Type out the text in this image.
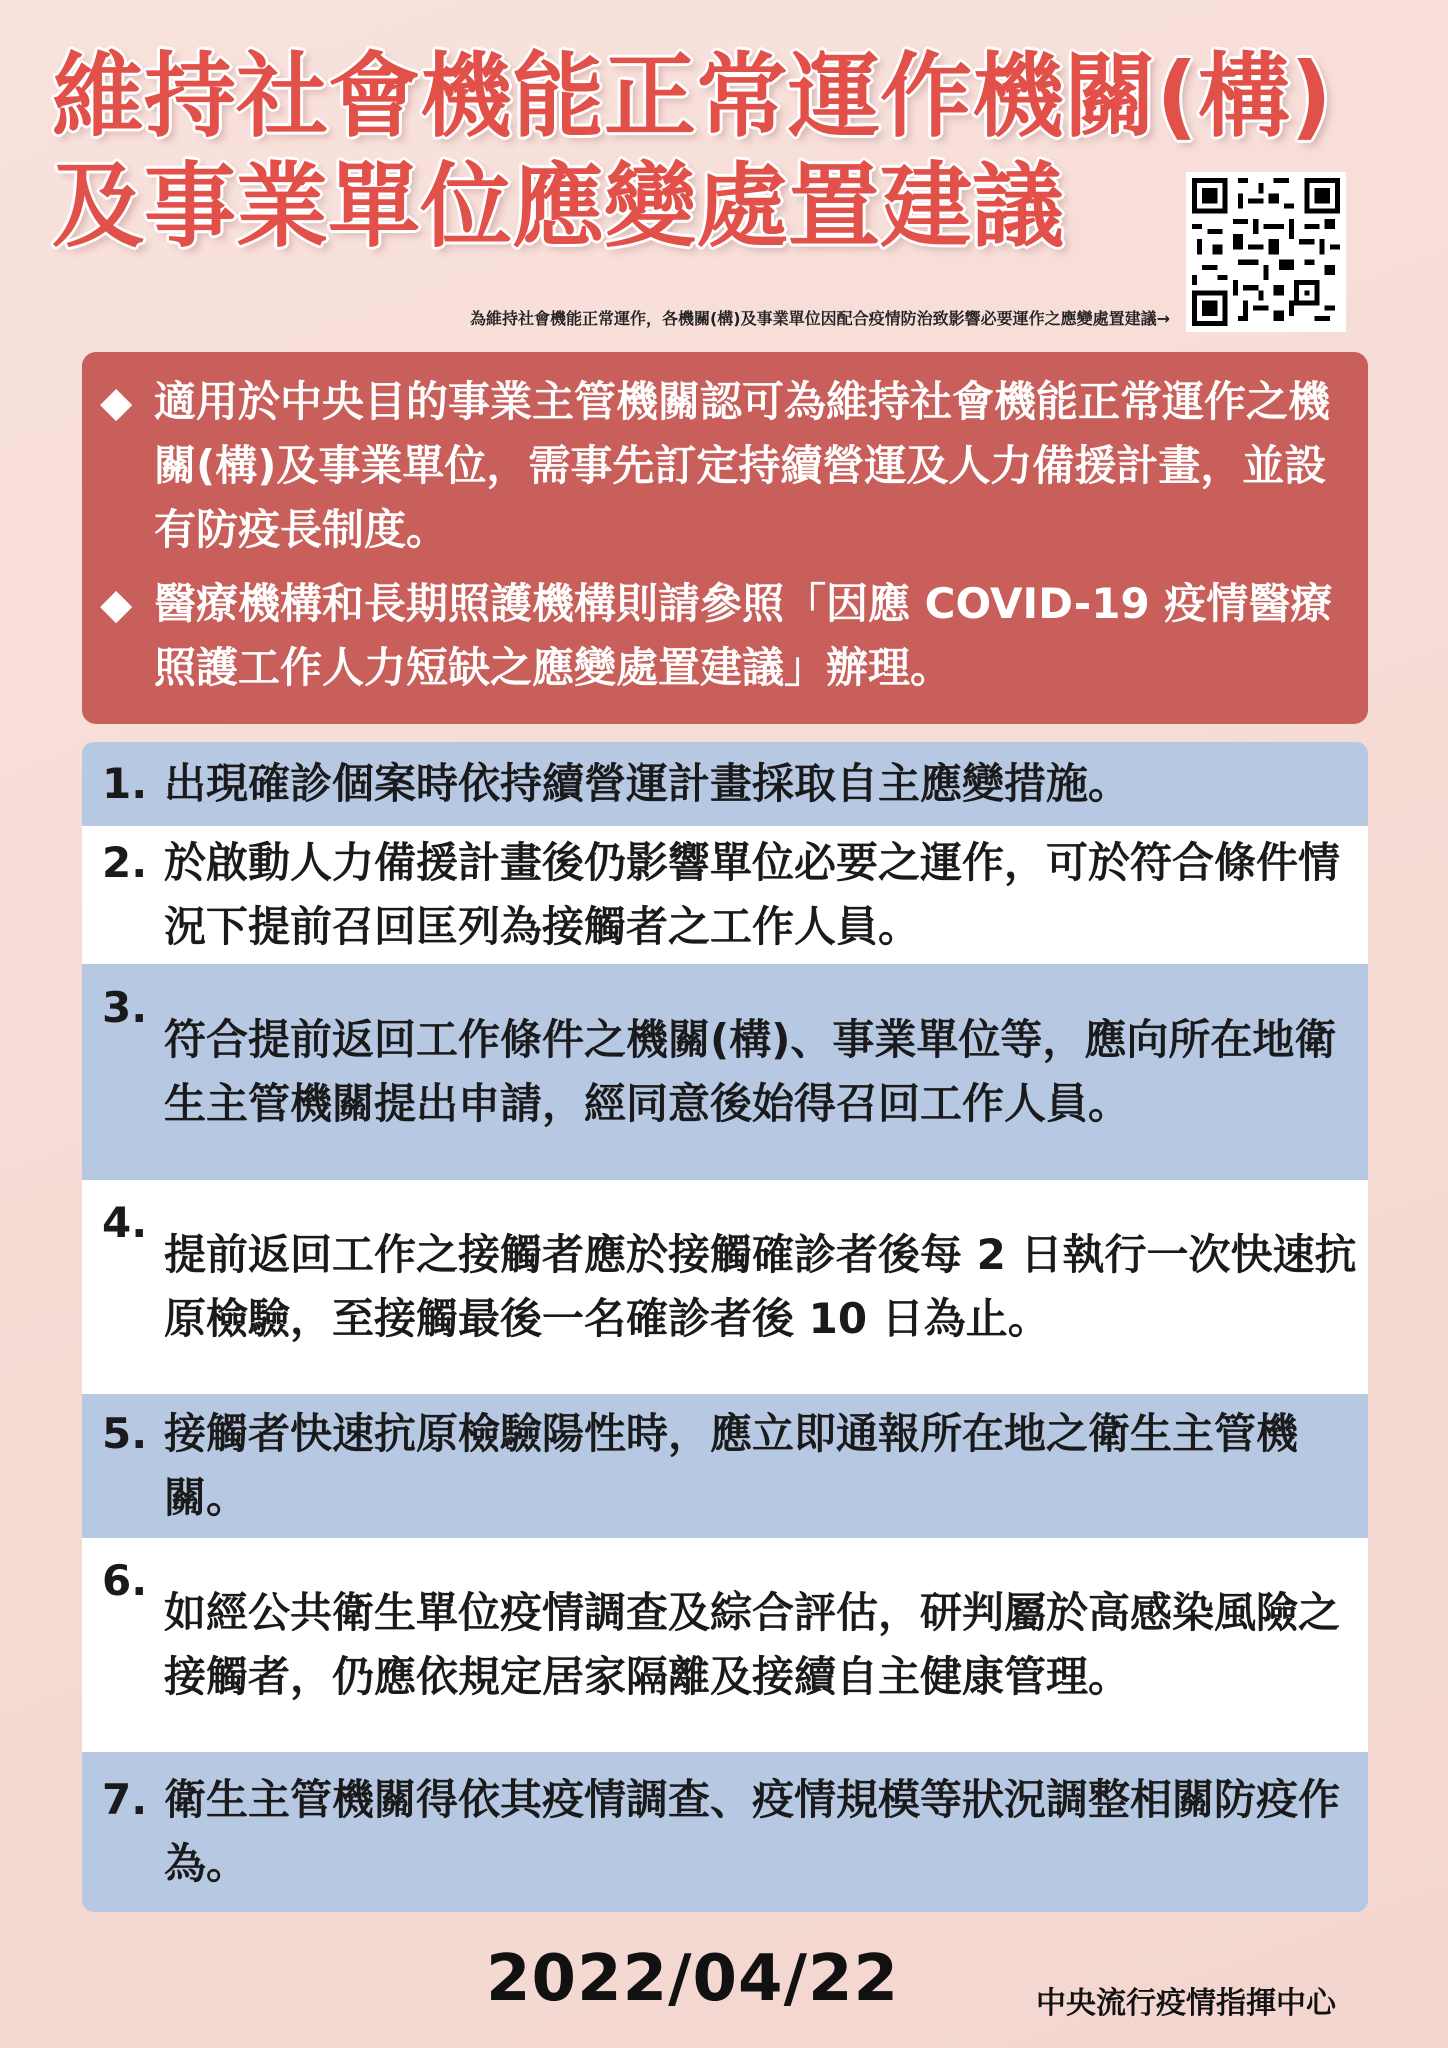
維持社會機能正常運作機關(構)
及事業單位應變處置建議

為維持社會機能正常運作，各機關(構)及事業單位因配合疫情防治致影響必要運作之應變處置建議→

◆ 適用於中央目的事業主管機關認可為維持社會機能正常運作之機關(構)及事業單位，需事先訂定持續營運及人力備援計畫，並設有防疫長制度。

◆ 醫療機構和長期照護機構則請參照「因應 COVID-19 疫情醫療照護工作人力短缺之應變處置建議」辦理。

1. 出現確診個案時依持續營運計畫採取自主應變措施。

2. 於啟動人力備援計畫後仍影響單位必要之運作，可於符合條件情況下提前召回匡列為接觸者之工作人員。

3.

符合提前返回工作條件之機關(構)、事業單位等，應向所在地衛生主管機關提出申請，經同意後始得召回工作人員。

4.

提前返回工作之接觸者應於接觸確診者後每 2 日執行一次快速抗原檢驗，至接觸最後一名確診者後 10 日為止。

5. 接觸者快速抗原檢驗陽性時，應立即通報所在地之衛生主管機關。

6.

如經公共衛生單位疫情調查及綜合評估，研判屬於高感染風險之接觸者，仍應依規定居家隔離及接續自主健康管理。

7. 衛生主管機關得依其疫情調查、疫情規模等狀況調整相關防疫作為。

2022/04/22	中央流行疫情指揮中心
